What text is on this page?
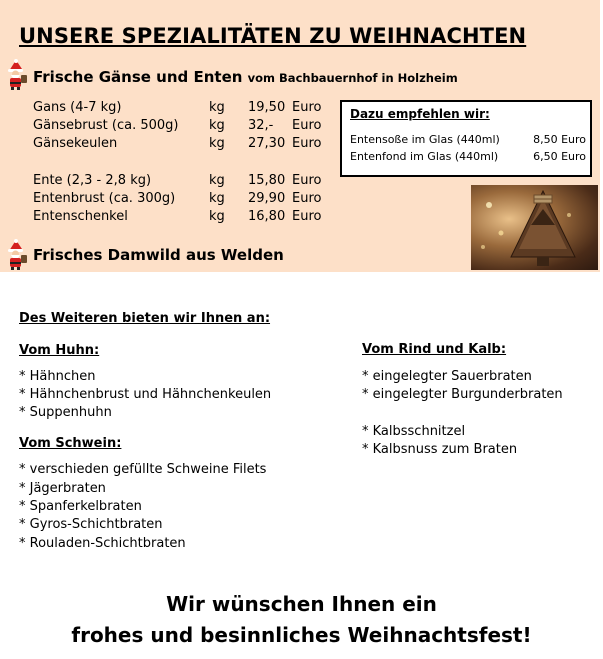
UNSERE SPEZIALITÄTEN ZU WEIHNACHTEN
Frische Gänse und Enten vom Bachbauernhof in Holzheim
Gans (4-7 kg)	kg 19,50 Euro
Gänsebrust (ca. 500g) kg 32,- Euro
Gänsekeulen	kg 27,30 Euro
Ente (2,3 - 2,8 kg)	kg 15,80 Euro
Entenbrust (ca. 300g)	kg 29,90 Euro
Entenschenkel	kg 16,80 Euro
Frisches Damwild aus Welden
Dazu empfehlen wir:
Entensoße im Glas (440ml)	8,50 Euro
Entenfond im Glas (440ml)	6,50 Euro
Des Weiteren bieten wir Ihnen an:
Vom Huhn:
* Hähnchen
* Hähnchenbrust und Hähnchenkeulen
* Suppenhuhn
Vom Schwein:
* verschieden gefüllte Schweine Filets
* Jägerbraten
* Spanferkelbraten
* Gyros-Schichtbraten
* Rouladen-Schichtbraten
Vom Rind und Kalb:
* eingelegter Sauerbraten
* eingelegter Burgunderbraten
* Kalbsschnitzel
* Kalbsnuss zum Braten

Wir wünschen Ihnen ein

frohes und besinnliches Weihnachtsfest!
